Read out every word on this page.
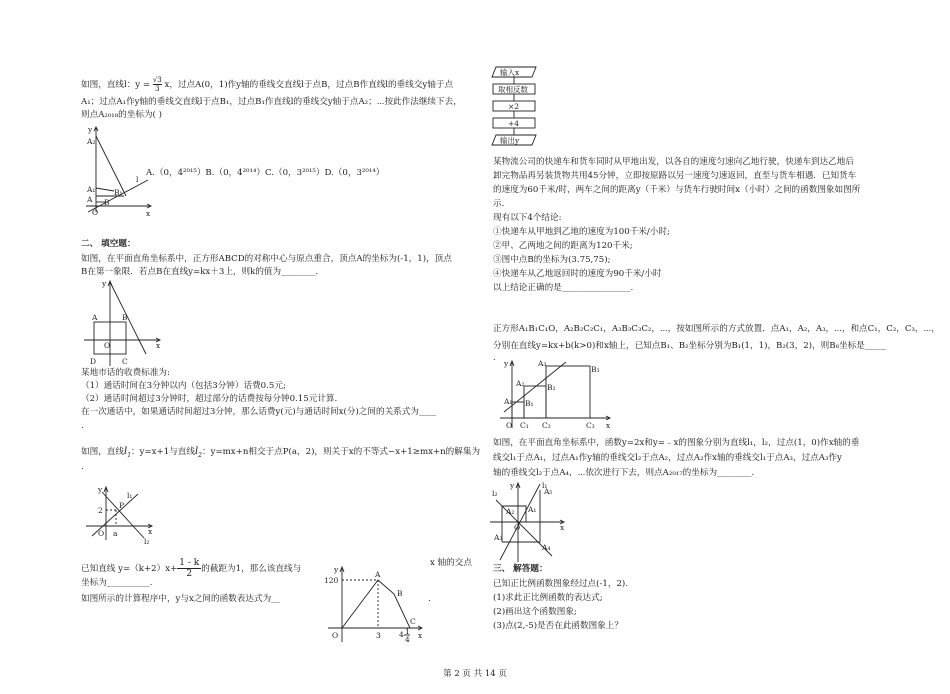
如图，直线l：$y = \frac{√3}{3}$ x，过点A(0，1)作y轴的垂线交直线l于点B，过点B作直线l的垂线交y轴于点
A₁；过点A₁作y轴的垂线交直线l于点B₁，过点B₁作直线l的垂线交y轴于点A₂；⋯按此作法继续下去，
则点A₂₀₁₈的坐标为( )
y
x
O
A₂
A₁
A
B₁
B
l
A.（0，4²⁰¹⁵）B.（0，4²⁰¹⁴）C.（0，3²⁰¹⁵）D.（0，3²⁰¹⁴）
二、 填空题：
如图，在平面直角坐标系中，正方形ABCD的对称中心与原点重合，顶点A的坐标为(-1，1)，顶点
B在第一象限．若点B在直线y=kx＋3上，则k的值为________．
y
x
O
A	B
C
D
某地市话的收费标准为:
（1）通话时间在3分钟以内（包括3分钟）话费0.5元;
（2）通话时间超过3分钟时，超过部分的话费按每分钟0.15元计算.
在一次通话中，如果通话时间超过3分钟，那么话费y(元)与通话时间x(分)之间的关系式为____
.
如图，直线$l_1$：y=x+1与直线$l_2$：y=mx+n相交于点P(a，2)，则关于x的不等式−x+1≥mx+n的解集为
.
y
x
O
2
a
P
l₁
l₂
已知直线 $y=(k+2)x+ \frac{1 - k}{2}$ 的截距为1，那么该直线与
x 轴的交点
坐标为__________.
如图所示的计算程序中，y与x之间的函数表达式为__	.
y
x
O
120
3
A
B
C
4 1
4
输入x
取相反数
×2
+4
输出y
某物流公司的快递车和货车同时从甲地出发，以各自的速度匀速向乙地行驶，快递车到达乙地后
卸完物品再另装货物共用45分钟，立即按原路以另一速度匀速返回，直至与货车相遇．已知货车
的速度为60千米/时，两车之间的距离y（千米）与货车行驶时间x（小时）之间的函数图象如图所
示.
现有以下4个结论:
①快递车从甲地到乙地的速度为100千米/小时;
②甲、乙两地之间的距离为120千米;
③图中点B的坐标为(3.75,75);
④快递车从乙地返回时的速度为90千米/小时
以上结论正确的是________________.
正方形A₁B₁C₁O，A₂B₂C₂C₁，A₃B₃C₃C₂，⋯，按如图所示的方式放置．点A₁，A₂，A₃，⋯，和点C₁，C₂，C₃，⋯，
分别在直线y=kx+b(k>0)和x轴上，已知点B₁、B₂坐标分别为B₁(1，1)，B₂(3，2)，则B₈坐标是_____
.
y
x
O
A₁
A₂
A₃
B₁
B₂
B₃
C₁ C₂	C₃
如图，在平面直角坐标系中，函数y=2x和y=﹣x的图象分别为直线l₁，l₂，过点(1，0)作x轴的垂
线交l₁于点A₁，过点A₁作y轴的垂线交l₂于点A₂，过点A₂作x轴的垂线交l₁于点A₃，过点A₃作y
轴的垂线交l₂于点A₄，⋯依次进行下去，则点A₂₀₁₇的坐标为________.
y
x
O
l₁
l₂
A₁
A₂
A₃
A₄
A₅
三、 解答题：
已知正比例函数图象经过点(-1，2).
(1)求此正比例函数的表达式;
(2)画出这个函数图象;
(3)点(2,-5)是否在此函数图象上？
第 2 页 共 14 页
